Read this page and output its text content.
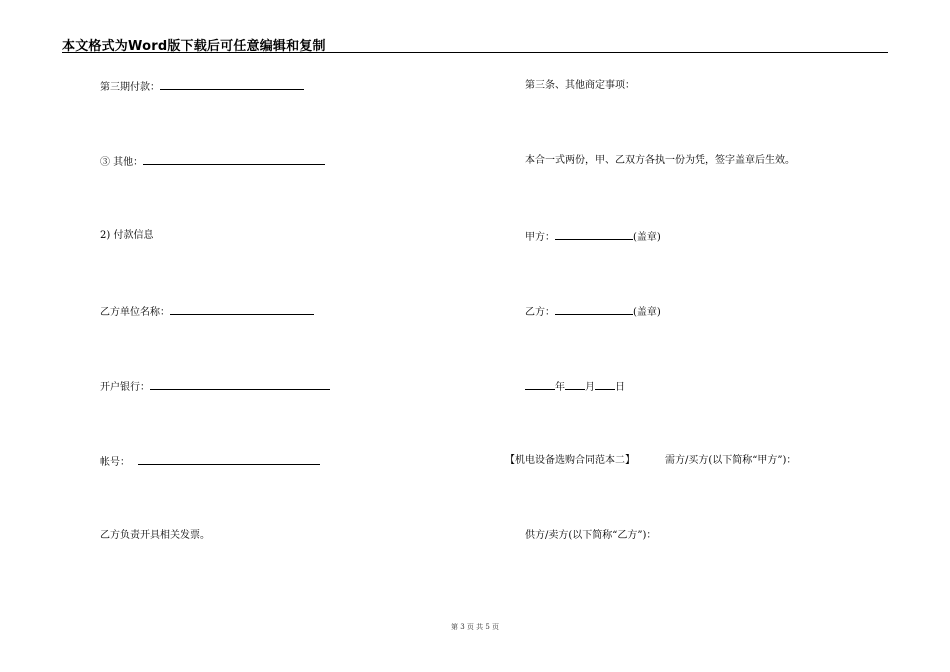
本文格式为Word版下载后可任意编辑和复制
第三期付款：
③ 其他：
2) 付款信息
乙方单位名称：
开户银行：
帐号：
乙方负责开具相关发票。
第三条、其他商定事项：
本合一式两份，甲、乙双方各执一份为凭，签字盖章后生效。
甲方：	(盖章)
乙方：	(盖章)
年 月 日
【机电设备选购合同范本二】	需方/买方(以下简称“甲方”)：
供方/卖方(以下简称“乙方”)：
第 3 页 共 5 页
